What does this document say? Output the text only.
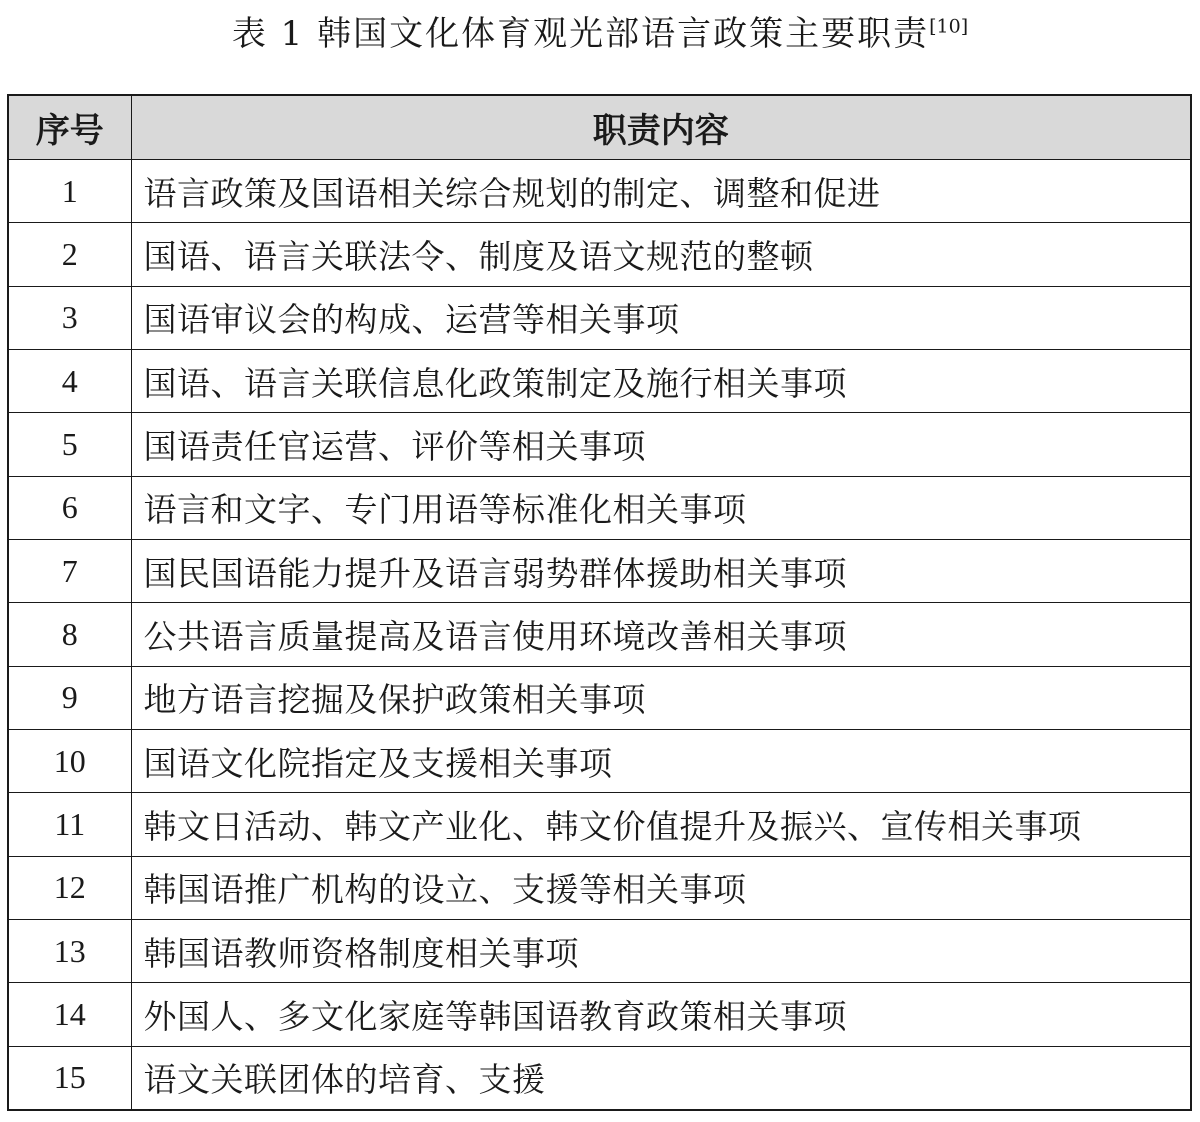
表 1 韩国文化体育观光部语言政策主要职责[10]
序号	职责内容
1	语言政策及国语相关综合规划的制定、调整和促进
2	国语、语言关联法令、制度及语文规范的整顿
3	国语审议会的构成、运营等相关事项
4	国语、语言关联信息化政策制定及施行相关事项
5	国语责任官运营、评价等相关事项
6	语言和文字、专门用语等标准化相关事项
7	国民国语能力提升及语言弱势群体援助相关事项
8	公共语言质量提高及语言使用环境改善相关事项
9	地方语言挖掘及保护政策相关事项
10	国语文化院指定及支援相关事项
11	韩文日活动、韩文产业化、韩文价值提升及振兴、宣传相关事项
12	韩国语推广机构的设立、支援等相关事项
13	韩国语教师资格制度相关事项
14	外国人、多文化家庭等韩国语教育政策相关事项
15	语文关联团体的培育、支援
